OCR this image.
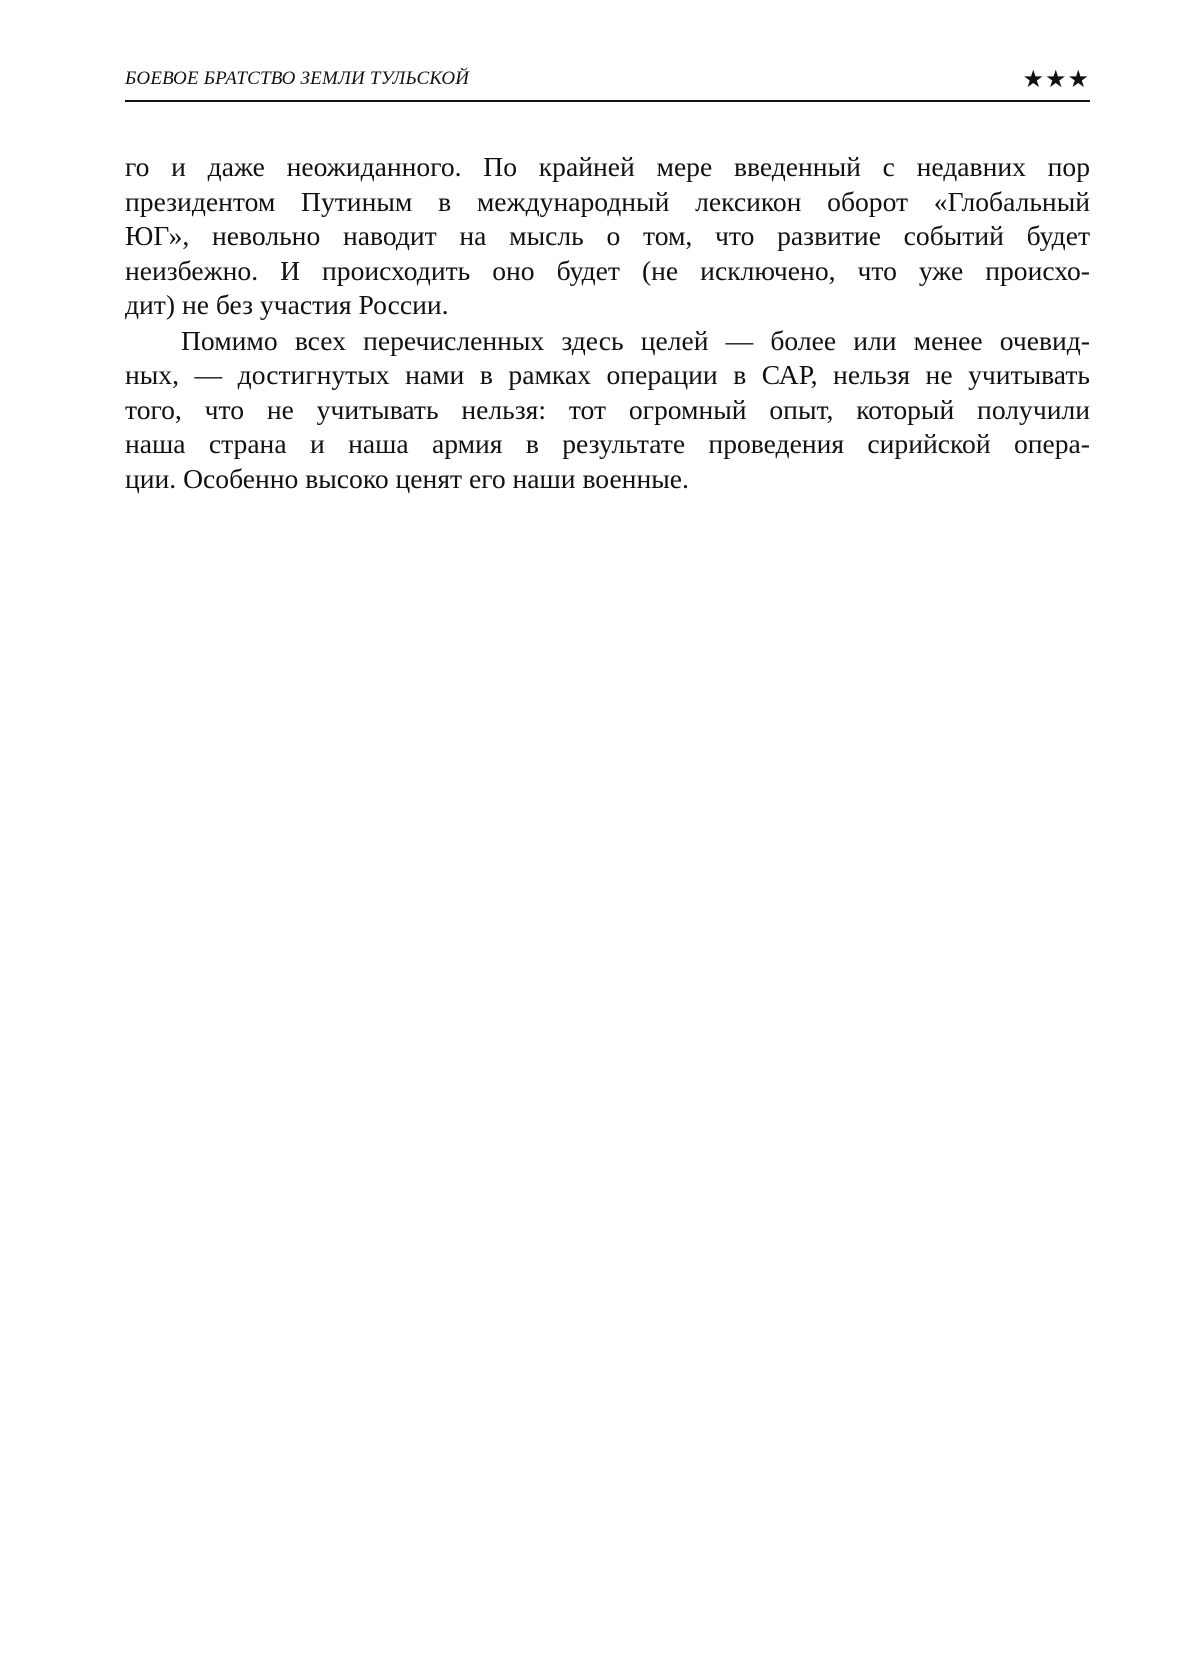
БОЕВОЕ БРАТСТВО ЗЕМЛИ ТУЛЬСКОЙ	★★★
го и даже неожиданного. По крайней мере введенный с недавних пор
президентом Путиным в международный лексикон оборот «Глобальный
ЮГ», невольно наводит на мысль о том, что развитие событий будет
неизбежно. И происходить оно будет (не исключено, что уже происхо-
дит) не без участия России.
Помимо всех перечисленных здесь целей — более или менее очевид-
ных, — достигнутых нами в рамках операции в САР, нельзя не учитывать
того, что не учитывать нельзя: тот огромный опыт, который получили
наша страна и наша армия в результате проведения сирийской опера-
ции. Особенно высоко ценят его наши военные.
